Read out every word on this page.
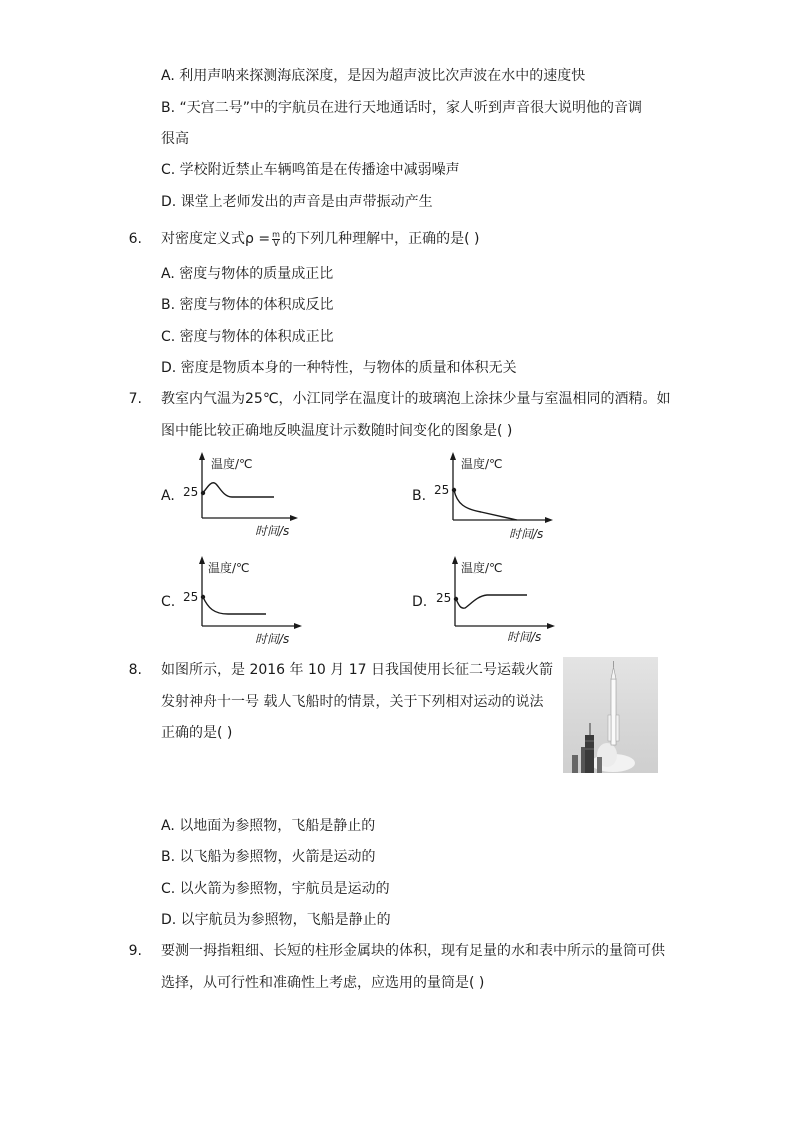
A. 利用声呐来探测海底深度，是因为超声波比次声波在水中的速度快
B. “天宫二号”中的宇航员在进行天地通话时，家人听到声音很大说明他的音调
很高
C. 学校附近禁止车辆鸣笛是在传播途中减弱噪声
D. 课堂上老师发出的声音是由声带振动产生
6. 对密度定义式$\rho = \frac{m}{V}$ 的下列几种理解中，正确的是( )
A. 密度与物体的质量成正比
B. 密度与物体的体积成反比
C. 密度与物体的体积成正比
D. 密度是物质本身的一种特性，与物体的质量和体积无关
7. 教室内气温为25℃，小江同学在温度计的玻璃泡上涂抹少量与室温相同的酒精。如
图中能比较正确地反映温度计示数随时间变化的图象是( )
A.
温度/℃
时间/s
25	B.
温度/℃
时间/s
25
C.
温度/℃
时间/s
25	D.
温度/℃
时间/s
25
8. 如图所示，是 2016 年 10 月 17 日我国使用长征二号运载火箭
发射神舟十一号 载人飞船时的情景，关于下列相对运动的说法
正确的是( )
A. 以地面为参照物，飞船是静止的
B. 以飞船为参照物，火箭是运动的
C. 以火箭为参照物，宇航员是运动的
D. 以宇航员为参照物，飞船是静止的
9. 要测一拇指粗细、长短的柱形金属块的体积，现有足量的水和表中所示的量筒可供
选择，从可行性和准确性上考虑，应选用的量筒是( )
